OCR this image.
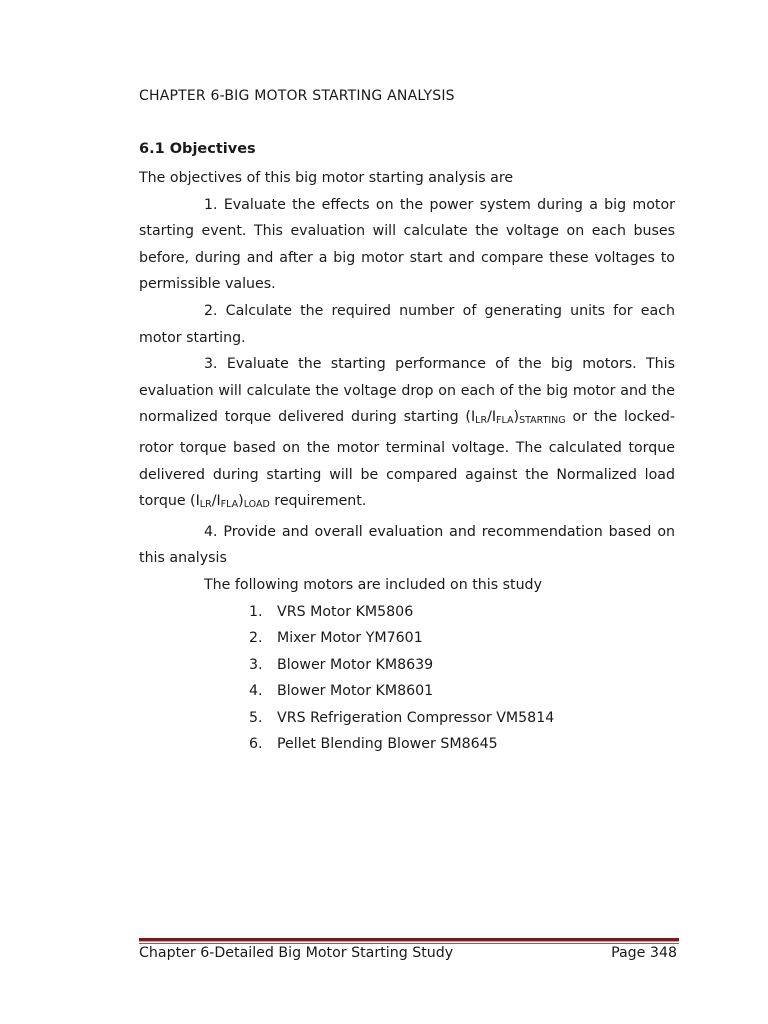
CHAPTER 6-BIG MOTOR STARTING ANALYSIS
6.1 Objectives

The objectives of this big motor starting analysis are

1. Evaluate the effects on the power system during a big motor starting event. This evaluation will calculate the voltage on each buses before, during and after a big motor start and compare these voltages to permissible values.

2. Calculate the required number of generating units for each motor starting.

3. Evaluate the starting performance of the big motors. This evaluation will calculate the voltage drop on each of the big motor and the normalized torque delivered during starting $(I_{LR}/I_{FLA})_{STARTING}$ or the locked-rotor torque based on the motor terminal voltage. The calculated torque delivered during starting will be compared against the Normalized load torque $(I_{LR}/I_{FLA})_{LOAD}$ requirement.

4. Provide and overall evaluation and recommendation based on this analysis

The following motors are included on this study

1. VRS Motor KM5806
2. Mixer Motor YM7601
3. Blower Motor KM8639
4. Blower Motor KM8601
5. VRS Refrigeration Compressor VM5814
6. Pellet Blending Blower SM8645
Chapter 6-Detailed Big Motor Starting Study	Page 348
